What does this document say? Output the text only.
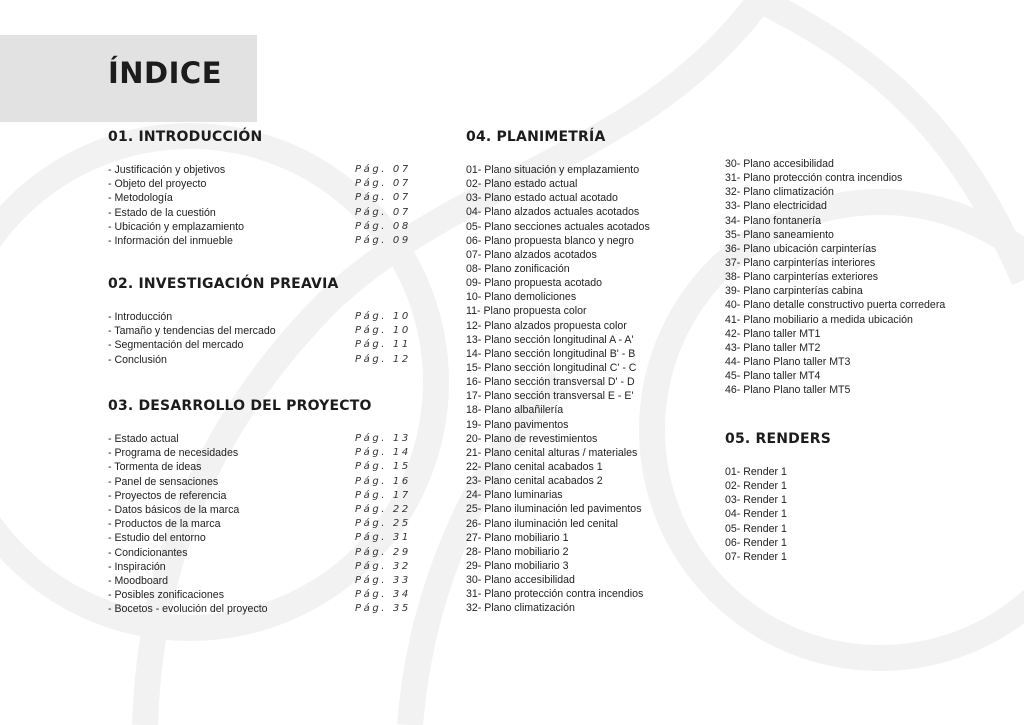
ÍNDICE
01. INTRODUCCIÓN
- Justificación y objetivos	Pág. 07
- Objeto del proyecto	Pág. 07
- Metodología	Pág. 07
- Estado de la cuestión	Pág. 07
- Ubicación y emplazamiento	Pág. 08
- Información del inmueble	Pág. 09
02. INVESTIGACIÓN PREAVIA
- Introducción	Pág. 10
- Tamaño y tendencias del mercado	Pág. 10
- Segmentación del mercado	Pág. 11
- Conclusión	Pág. 12
03. DESARROLLO DEL PROYECTO
- Estado actual	Pág. 13
- Programa de necesidades	Pág. 14
- Tormenta de ideas	Pág. 15
- Panel de sensaciones	Pág. 16
- Proyectos de referencia	Pág. 17
- Datos básicos de la marca	Pág. 22
- Productos de la marca	Pág. 25
- Estudio del entorno	Pág. 31
- Condicionantes	Pág. 29
- Inspiración	Pág. 32
- Moodboard	Pág. 33
- Posibles zonificaciones	Pág. 34
- Bocetos - evolución del proyecto	Pág. 35
04. PLANIMETRÍA
01- Plano situación y emplazamiento
02- Plano estado actual
03- Plano estado actual acotado
04- Plano alzados actuales acotados
05- Plano secciones actuales acotados
06- Plano propuesta blanco y negro
07- Plano alzados acotados
08- Plano zonificación
09- Plano propuesta acotado
10- Plano demoliciones
11- Plano propuesta color
12- Plano alzados propuesta color
13- Plano sección longitudinal A - A'
14- Plano sección longitudinal B' - B
15- Plano sección longitudinal C' - C
16- Plano sección transversal D' - D
17- Plano sección transversal E - E'
18- Plano albañilería
19- Plano pavimentos
20- Plano de revestimientos
21- Plano cenital alturas / materiales
22- Plano cenital acabados 1
23- Plano cenital acabados 2
24- Plano luminarias
25- Plano iluminación led pavimentos
26- Plano iluminación led cenital
27- Plano mobiliario 1
28- Plano mobiliario 2
29- Plano mobiliario 3
30- Plano accesibilidad
31- Plano protección contra incendios
32- Plano climatización
30- Plano accesibilidad
31- Plano protección contra incendios
32- Plano climatización
33- Plano electricidad
34- Plano fontanería
35- Plano saneamiento
36- Plano ubicación carpinterías
37- Plano carpinterías interiores
38- Plano carpinterías exteriores
39- Plano carpinterías cabina
40- Plano detalle constructivo puerta corredera
41- Plano mobiliario a medida ubicación
42- Plano taller MT1
43- Plano taller MT2
44- Plano Plano taller MT3
45- Plano taller MT4
46- Plano Plano taller MT5
05. RENDERS
01- Render 1
02- Render 1
03- Render 1
04- Render 1
05- Render 1
06- Render 1
07- Render 1
